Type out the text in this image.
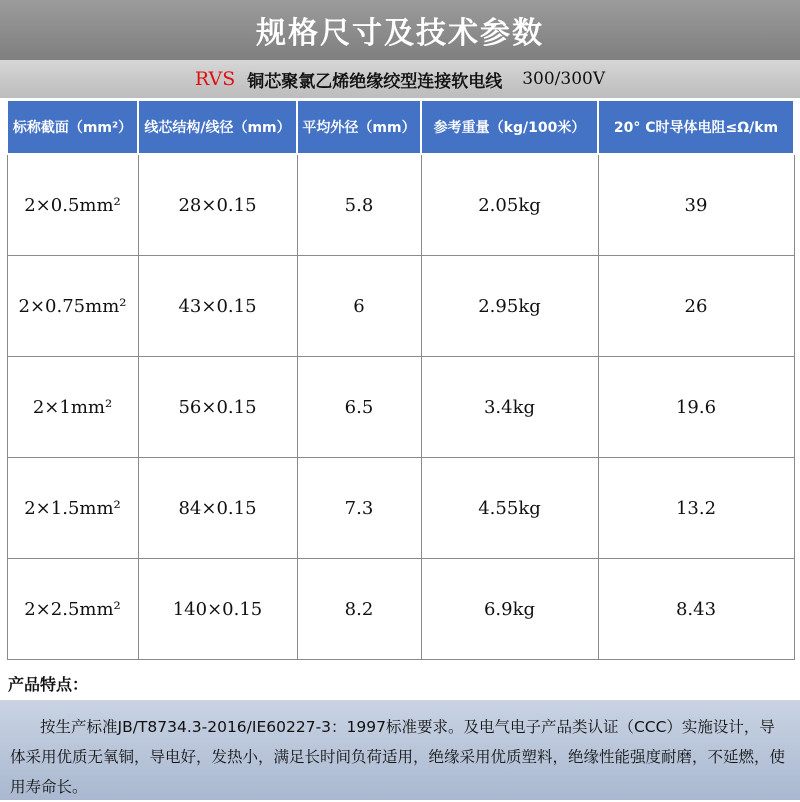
规格尺寸及技术参数
RVS 铜芯聚氯乙烯绝缘绞型连接软电线 300/300V
标称截面（mm²）	线芯结构/线径（mm）	平均外径（mm）	参考重量（kg/100米）	20° C时导体电阻≤Ω/km
2×0.5mm²	28×0.15	5.8	2.05kg	39
2×0.75mm²	43×0.15	6	2.95kg	26
2×1mm²	56×0.15	6.5	3.4kg	19.6
2×1.5mm²	84×0.15	7.3	4.55kg	13.2
2×2.5mm²	140×0.15	8.2	6.9kg	8.43
产品特点：
按生产标准JB/T8734.3-2016/IE60227-3：1997标准要求。及电气电子产品类认证（CCC）实施设计，导体采用优质无氧铜，导电好，发热小，满足长时间负荷适用，绝缘采用优质塑料，绝缘性能强度耐磨，不延燃，使用寿命长。
